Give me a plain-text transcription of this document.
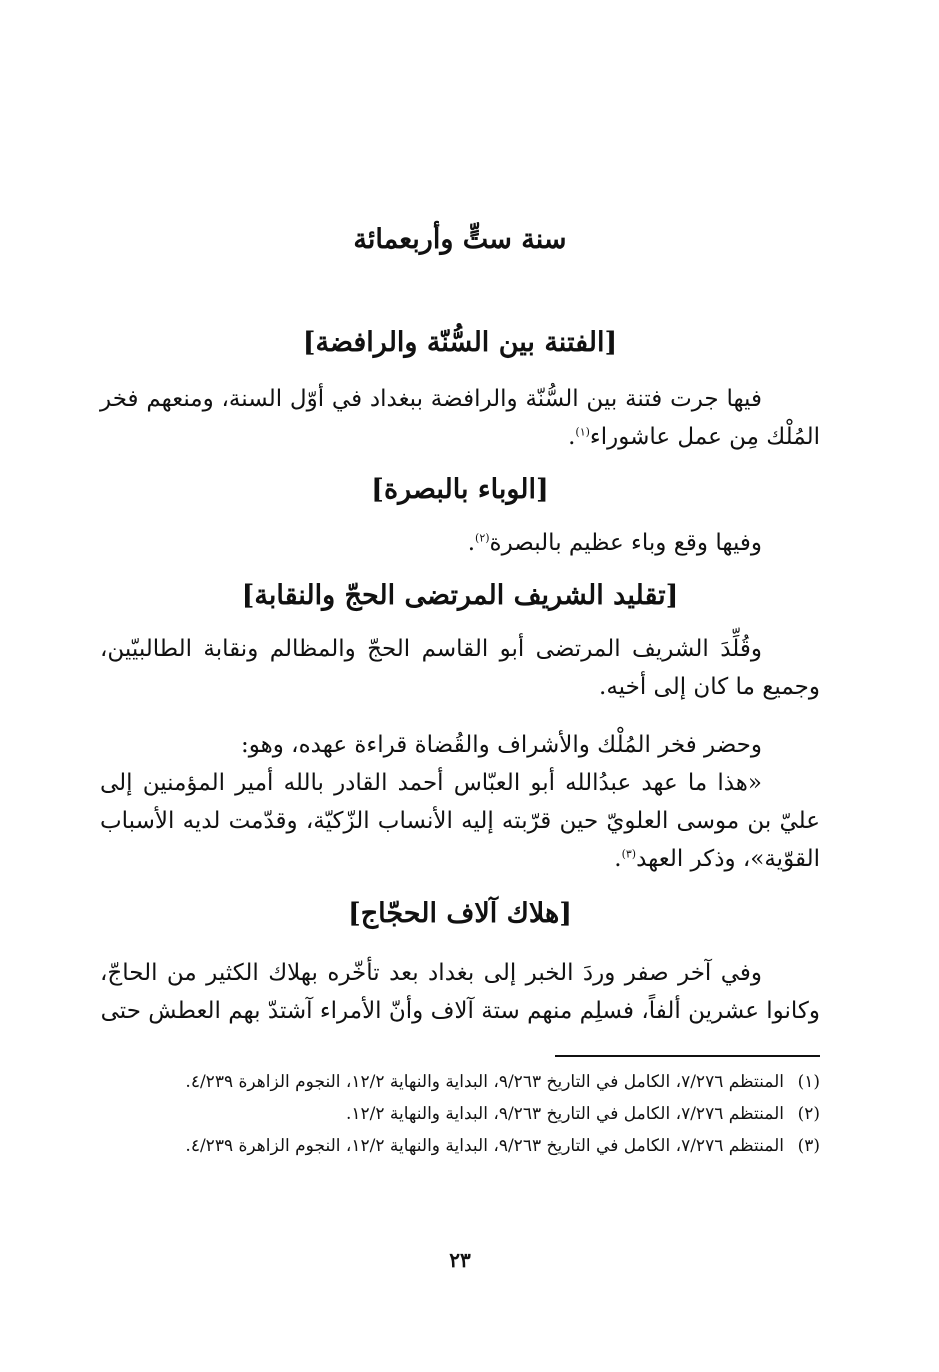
سنة ستٍّ وأربعمائة
[الفتنة بين السُّنّة والرافضة]

فيها جرت فتنة بين السُّنّة والرافضة ببغداد في أوّل السنة، ومنعهم فخر المُلْك مِن عمل عاشوراء$^{(١)}$.

[الوباء بالبصرة]

وفيها وقع وباء عظيم بالبصرة$^{(٢)}$.

[تقليد الشريف المرتضى الحجّ والنقابة]

وقُلِّدَ الشريف المرتضى أبو القاسم الحجّ والمظالم ونقابة الطالبيّين، وجميع ما كان إلى أخيه.

وحضر فخر المُلْك والأشراف والقُضاة قراءة عهده، وهو:

«هذا ما عهد عبدُالله أبو العبّاس أحمد القادر بالله أمير المؤمنين إلى عليّ بن موسى العلويّ حين قرّبته إليه الأنساب الزّكيّة، وقدّمت لديه الأسباب القوّية»، وذكر العهد$^{(٣)}$.

[هلاك آلاف الحجّاج]

وفي آخر صفر وردَ الخبر إلى بغداد بعد تأخّره بهلاك الكثير من الحاجّ، وكانوا عشرين ألفاً، فسلِم منهم ستة آلاف وأنّ الأمراء آشتدّ بهم العطش حتى

(١)
المنتظم ٧/٢٧٦، الكامل في التاريخ ٩/٢٦٣، البداية والنهاية ١٢/٢، النجوم الزاهرة ٤/٢٣٩.
(٢)
المنتظم ٧/٢٧٦، الكامل في التاريخ ٩/٢٦٣، البداية والنهاية ١٢/٢.
(٣)
المنتظم ٧/٢٧٦، الكامل في التاريخ ٩/٢٦٣، البداية والنهاية ١٢/٢، النجوم الزاهرة ٤/٢٣٩.
٢٣
